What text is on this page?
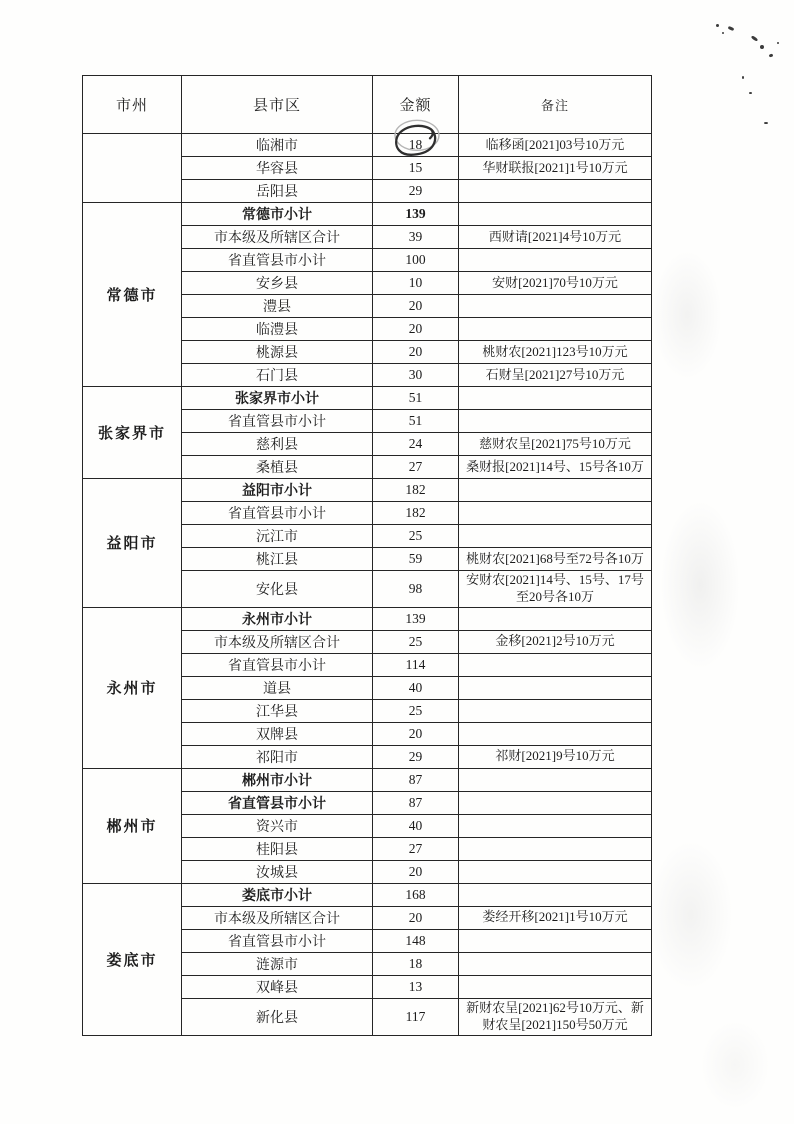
市州	县市区	金额	备注
	临湘市	18	临移函[2021]03号10万元
	华容县	15	华财联报[2021]1号10万元
	岳阳县	29	
常德市	常德市小计	139	
	市本级及所辖区合计	39	西财请[2021]4号10万元
	省直管县市小计	100	
	安乡县	10	安财[2021]70号10万元
	澧县	20	
	临澧县	20	
	桃源县	20	桃财农[2021]123号10万元
	石门县	30	石财呈[2021]27号10万元
张家界市	张家界市小计	51	
	省直管县市小计	51	
	慈利县	24	慈财农呈[2021]75号10万元
	桑植县	27	桑财报[2021]14号、15号各10万
益阳市	益阳市小计	182	
	省直管县市小计	182	
	沅江市	25	
	桃江县	59	桃财农[2021]68号至72号各10万
	安化县	98	安财农[2021]14号、15号、17号至20号各10万
永州市	永州市小计	139	
	市本级及所辖区合计	25	金移[2021]2号10万元
	省直管县市小计	114	
	道县	40	
	江华县	25	
	双牌县	20	
	祁阳市	29	祁财[2021]9号10万元
郴州市	郴州市小计	87	
	省直管县市小计	87	
	资兴市	40	
	桂阳县	27	
	汝城县	20	
娄底市	娄底市小计	168	
	市本级及所辖区合计	20	娄经开移[2021]1号10万元
	省直管县市小计	148	
	涟源市	18	
	双峰县	13	
	新化县	117	新财农呈[2021]62号10万元、新财农呈[2021]150号50万元
